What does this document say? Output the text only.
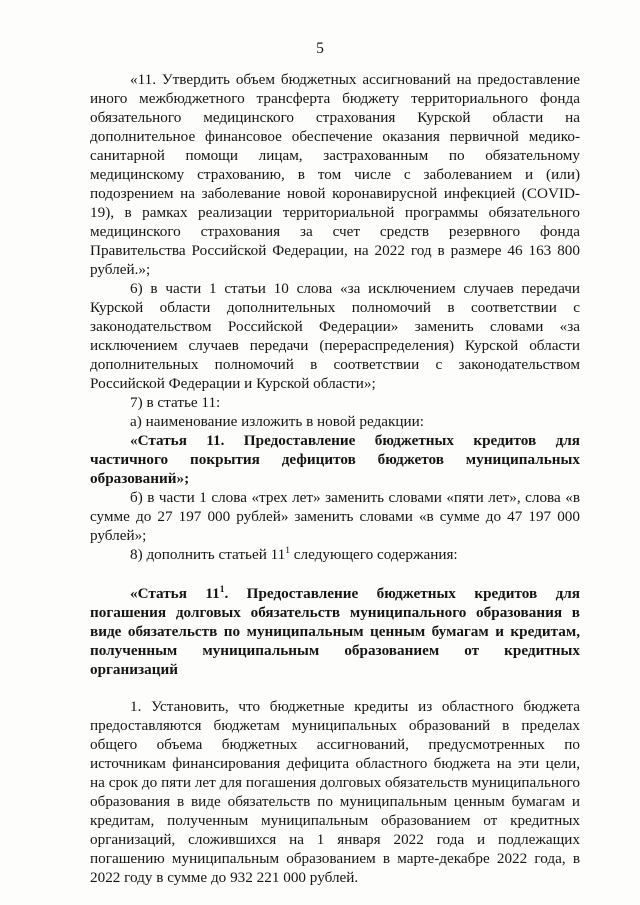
5

«11. Утвердить объем бюджетных ассигнований на предоставление иного межбюджетного трансферта бюджету территориального фонда обязательного медицинского страхования Курской области на дополнительное финансовое обеспечение оказания первичной медико-санитарной помощи лицам, застрахованным по обязательному медицинскому страхованию, в том числе с заболеванием и (или) подозрением на заболевание новой коронавирусной инфекцией (COVID-19), в рамках реализации территориальной программы обязательного медицинского страхования за счет средств резервного фонда Правительства Российской Федерации, на 2022 год в размере 46 163 800 рублей.»;

6) в части 1 статьи 10 слова «за исключением случаев передачи Курской области дополнительных полномочий в соответствии с законодательством Российской Федерации» заменить словами «за исключением случаев передачи (перераспределения) Курской области дополнительных полномочий в соответствии с законодательством Российской Федерации и Курской области»;

7) в статье 11:

а) наименование изложить в новой редакции:

«Статья 11. Предоставление бюджетных кредитов для частичного покрытия дефицитов бюджетов муниципальных образований»;

б) в части 1 слова «трех лет» заменить словами «пяти лет», слова «в сумме до 27 197 000 рублей» заменить словами «в сумме до 47 197 000 рублей»;

8) дополнить статьей $11^1$ следующего содержания:

«Статья $11^1$. Предоставление бюджетных кредитов для погашения долговых обязательств муниципального образования в виде обязательств по муниципальным ценным бумагам и кредитам, полученным муниципальным образованием от кредитных организаций

1. Установить, что бюджетные кредиты из областного бюджета предоставляются бюджетам муниципальных образований в пределах общего объема бюджетных ассигнований, предусмотренных по источникам финансирования дефицита областного бюджета на эти цели, на срок до пяти лет для погашения долговых обязательств муниципального образования в виде обязательств по муниципальным ценным бумагам и кредитам, полученным муниципальным образованием от кредитных организаций, сложившихся на 1 января 2022 года и подлежащих погашению муниципальным образованием в марте-декабре 2022 года, в 2022 году в сумме до 932 221 000 рублей.
